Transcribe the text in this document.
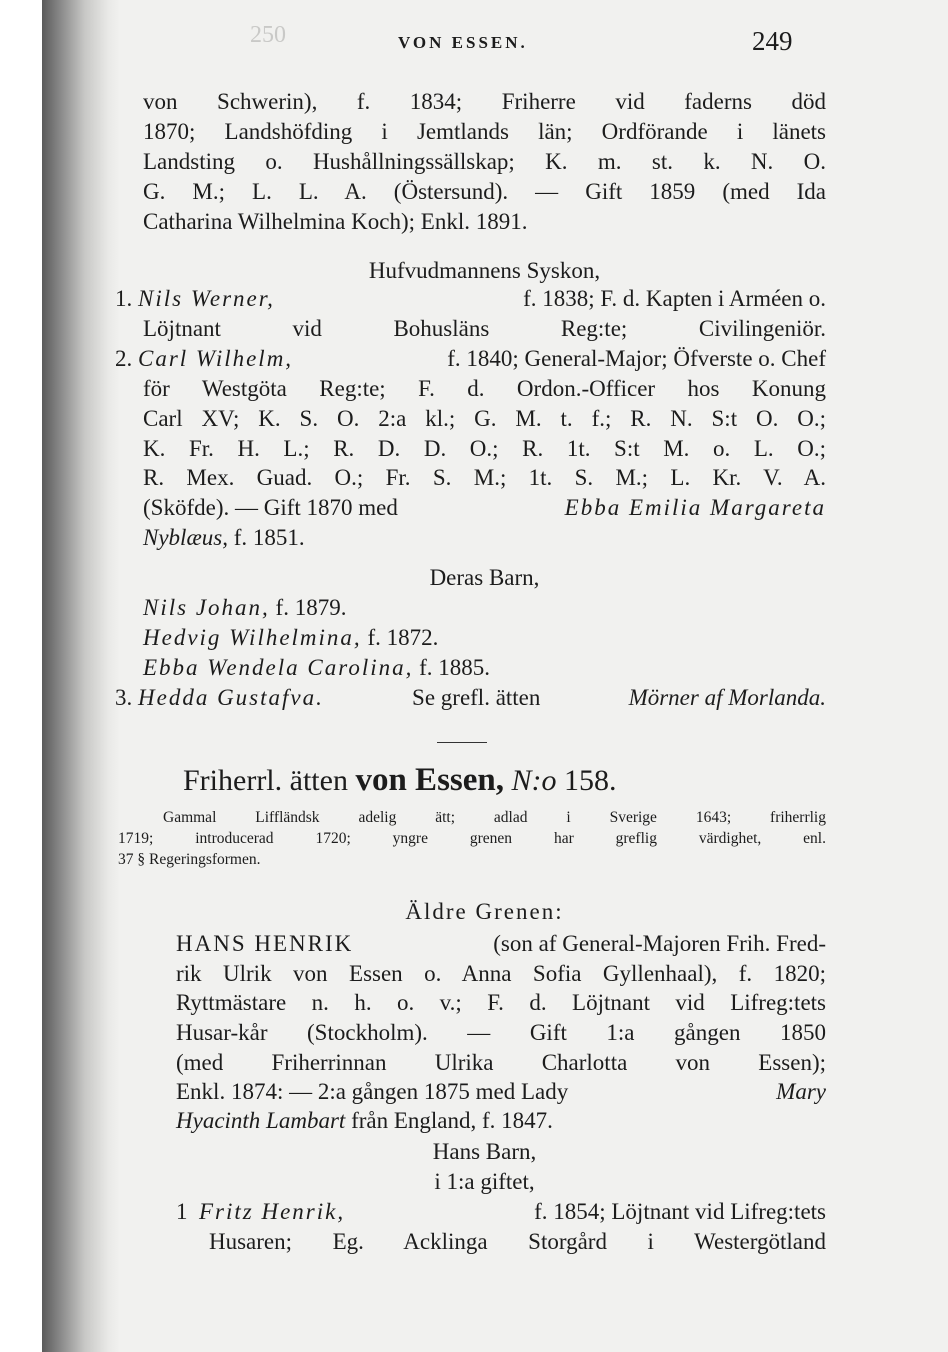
250	VON ESSEN.	249
von Schwerin), f. 1834; Friherre vid faderns död
1870; Landshöfding i Jemtlands län; Ordförande i länets
Landsting o. Hushållningssällskap; K. m. st. k. N. O.
G. M.; L. L. A. (Östersund). — Gift 1859 (med Ida
Catharina Wilhelmina Koch); Enkl. 1891.
Hufvudmannens Syskon,
1. Nils Werner,	f. 1838; F. d. Kapten i Arméen o.
Löjtnant vid Bohusläns Reg:te; Civilingeniör.
2. Carl Wilhelm,	f. 1840; General-Major; Öfverste o. Chef
för Westgöta Reg:te; F. d. Ordon.-Officer hos Konung
Carl XV; K. S. O. 2:a kl.; G. M. t. f.; R. N. S:t O. O.;
K. Fr. H. L.; R. D. D. O.; R. 1t. S:t M. o. L. O.;
R. Mex. Guad. O.; Fr. S. M.; 1t. S. M.; L. Kr. V. A.
(Sköfde). — Gift 1870 med	Ebba Emilia Margareta
Nyblæus, f. 1851.
Deras Barn,
Nils Johan, f. 1879.
Hedvig Wilhelmina, f. 1872.
Ebba Wendela Carolina, f. 1885.
3. Hedda Gustafva.	Se grefl. ätten	Mörner af Morlanda.
Friherrl. ätten von Essen, N:o 158.
Gammal Liffländsk adelig ätt; adlad i Sverige 1643; friherrlig
1719; introducerad 1720; yngre grenen har greflig värdighet, enl.
37 § Regeringsformen.
Äldre Grenen:
HANS HENRIK	(son af General-Majoren Frih. Fred-
rik Ulrik von Essen o. Anna Sofia Gyllenhaal), f. 1820;
Ryttmästare n. h. o. v.; F. d. Löjtnant vid Lifreg:tets
Husar-kår (Stockholm). — Gift 1:a gången 1850
(med Friherrinnan Ulrika Charlotta von Essen);
Enkl. 1874: — 2:a gången 1875 med Lady	Mary
Hyacinth Lambart från England, f. 1847.
Hans Barn,
i 1:a giftet,
1 Fritz Henrik,	f. 1854; Löjtnant vid Lifreg:tets
Husaren; Eg. Acklinga Storgård i Westergötland
